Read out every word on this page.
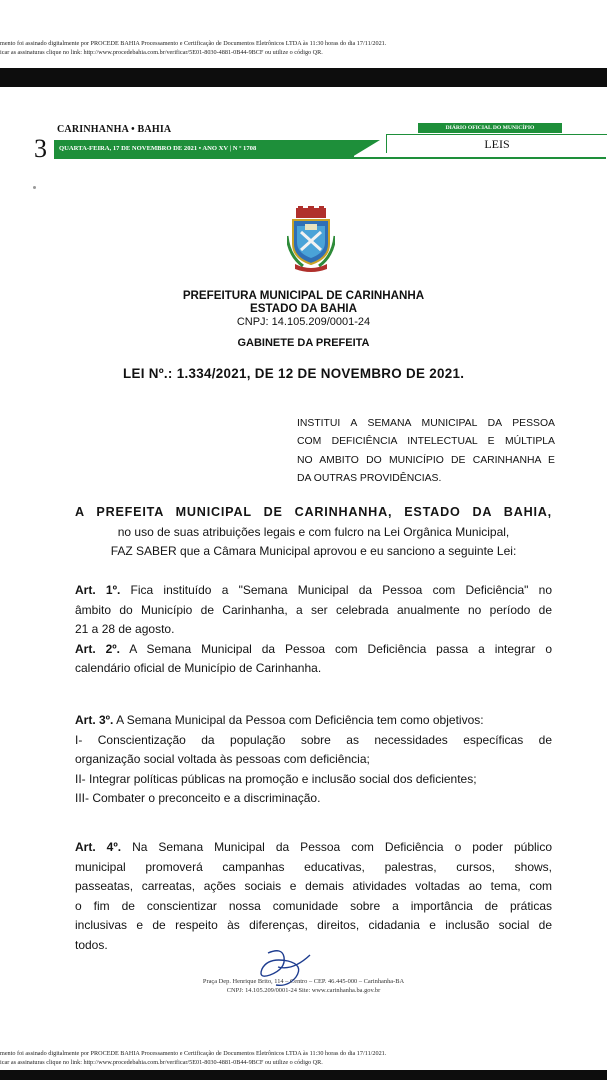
mento foi assinado digitalmente por PROCEDE BAHIA Processamento e Certificação de Documentos Eletrônicos LTDA às 11:30 horas do dia 17/11/2021.
icar as assinaturas clique no link: http://www.procedebahia.com.br/verificar/5E01-8030-4881-0B44-9BCF ou utilize o código QR.
CARINHANHA • BAHIA
3	QUARTA-FEIRA, 17 DE NOVEMBRO DE 2021 • ANO XV | N º 1708
DIÁRIO OFICIAL DO MUNICÍPIO
LEIS
PREFEITURA MUNICIPAL DE CARINHANHA
ESTADO DA BAHIA
CNPJ: 14.105.209/0001-24
GABINETE DA PREFEITA
LEI Nº.: 1.334/2021, DE 12 DE NOVEMBRO DE 2021.
INSTITUI A SEMANA MUNICIPAL DA PESSOA
COM DEFICIÊNCIA INTELECTUAL E MÚLTIPLA
NO AMBITO DO MUNICÍPIO DE CARINHANHA E
DA OUTRAS PROVIDÊNCIAS.
A PREFEITA MUNICIPAL DE CARINHANHA, ESTADO DA BAHIA,
no uso de suas atribuições legais e com fulcro na Lei Orgânica Municipal,
FAZ SABER que a Câmara Municipal aprovou e eu sanciono a seguinte Lei:
Art. 1º. Fica instituído a "Semana Municipal da Pessoa com Deficiência" no
âmbito do Município de Carinhanha, a ser celebrada anualmente no período de
21 a 28 de agosto.
Art. 2º. A Semana Municipal da Pessoa com Deficiência passa a integrar o
calendário oficial de Município de Carinhanha.
Art. 3º. A Semana Municipal da Pessoa com Deficiência tem como objetivos:
I- Conscientização da população sobre as necessidades específicas de
organização social voltada às pessoas com deficiência;
II- Integrar políticas públicas na promoção e inclusão social dos deficientes;
III- Combater o preconceito e a discriminação.
Art. 4º. Na Semana Municipal da Pessoa com Deficiência o poder público
municipal promoverá campanhas educativas, palestras, cursos, shows,
passeatas, carreatas, ações sociais e demais atividades voltadas ao tema, com
o fim de conscientizar nossa comunidade sobre a importância de práticas
inclusivas e de respeito às diferenças, direitos, cidadania e inclusão social de
todos.
Praça Dep. Henrique Brito, 114 – Centro – CEP. 46.445-000 – Carinhanha-BA
CNPJ: 14.105.209/0001-24 Site: www.carinhanha.ba.gov.br
mento foi assinado digitalmente por PROCEDE BAHIA Processamento e Certificação de Documentos Eletrônicos LTDA às 11:30 horas do dia 17/11/2021.
icar as assinaturas clique no link: http://www.procedebahia.com.br/verificar/5E01-8030-4881-0B44-9BCF ou utilize o código QR.
